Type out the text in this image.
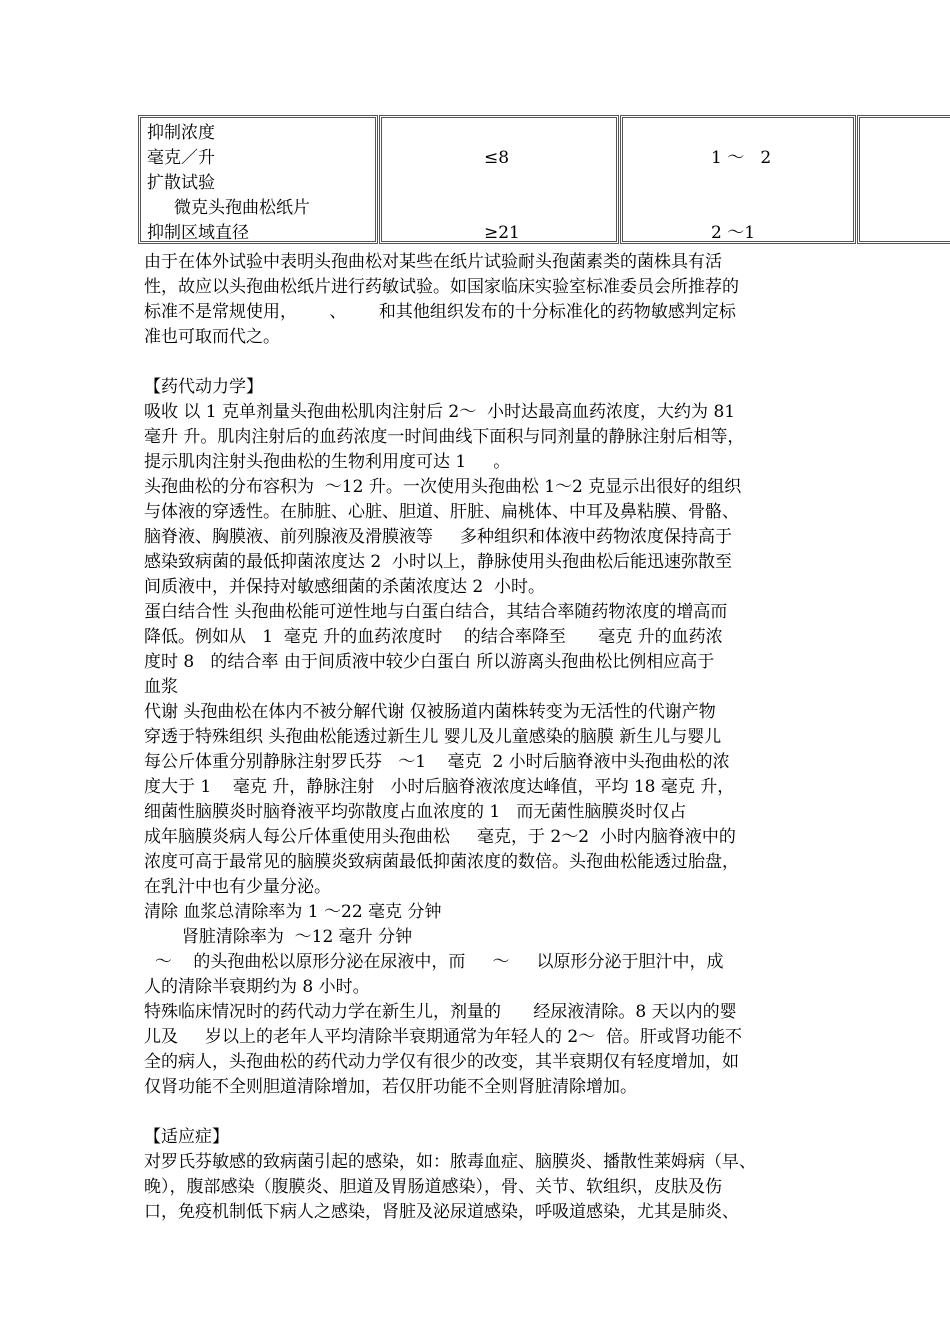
抑制浓度
毫克／升
扩散试验
微克头孢曲松纸片
抑制区域直径
≤8
≥21
1 ～   2
2 ～1
由于在体外试验中表明头孢曲松对某些在纸片试验耐头孢菌素类的菌株具有活
性，故应以头孢曲松纸片进行药敏试验。如国家临床实验室标准委员会所推荐的
标准不是常规使用，      、      和其他组织发布的十分标准化的药物敏感判定标
准也可取而代之。
【药代动力学】
吸收 以 1 克单剂量头孢曲松肌肉注射后 2～  小时达最高血药浓度，大约为 81
毫升 升。肌肉注射后的血药浓度一时间曲线下面积与同剂量的静脉注射后相等，
提示肌肉注射头孢曲松的生物利用度可达 1     。
头孢曲松的分布容积为  ～12 升。一次使用头孢曲松 1～2 克显示出很好的组织
与体液的穿透性。在肺脏、心脏、胆道、肝脏、扁桃体、中耳及鼻粘膜、骨骼、
脑脊液、胸膜液、前列腺液及滑膜液等     多种组织和体液中药物浓度保持高于
感染致病菌的最低抑菌浓度达 2  小时以上，静脉使用头孢曲松后能迅速弥散至
间质液中，并保持对敏感细菌的杀菌浓度达 2  小时。
蛋白结合性 头孢曲松能可逆性地与白蛋白结合，其结合率随药物浓度的增高而
降低。例如从   1  毫克 升的血药浓度时    的结合率降至      毫克 升的血药浓
度时 8   的结合率 由于间质液中较少白蛋白 所以游离头孢曲松比例相应高于
血浆
代谢 头孢曲松在体内不被分解代谢 仅被肠道内菌株转变为无活性的代谢产物
穿透于特殊组织 头孢曲松能透过新生儿 婴儿及儿童感染的脑膜 新生儿与婴儿
每公斤体重分别静脉注射罗氏芬   ～1    毫克  2 小时后脑脊液中头孢曲松的浓
度大于 1    毫克 升，静脉注射   小时后脑脊液浓度达峰值，平均 18 毫克 升，
细菌性脑膜炎时脑脊液平均弥散度占血浓度的 1   而无菌性脑膜炎时仅占
成年脑膜炎病人每公斤体重使用头孢曲松     毫克，于 2～2  小时内脑脊液中的
浓度可高于最常见的脑膜炎致病菌最低抑菌浓度的数倍。头孢曲松能透过胎盘，
在乳汁中也有少量分泌。
清除 血浆总清除率为 1 ～22 毫克 分钟
肾脏清除率为  ～12 毫升 分钟
～    的头孢曲松以原形分泌在尿液中，而     ～     以原形分泌于胆汁中，成
人的清除半衰期约为 8 小时。
特殊临床情况时的药代动力学在新生儿，剂量的      经尿液清除。8 天以内的婴
儿及     岁以上的老年人平均清除半衰期通常为年轻人的 2～  倍。肝或肾功能不
全的病人，头孢曲松的药代动力学仅有很少的改变，其半衰期仅有轻度增加，如
仅肾功能不全则胆道清除增加，若仅肝功能不全则肾脏清除增加。
【适应症】
对罗氏芬敏感的致病菌引起的感染，如：脓毒血症、脑膜炎、播散性莱姆病（早、
晚），腹部感染（腹膜炎、胆道及胃肠道感染），骨、关节、软组织，皮肤及伤
口，免疫机制低下病人之感染，肾脏及泌尿道感染，呼吸道感染，尤其是肺炎、
